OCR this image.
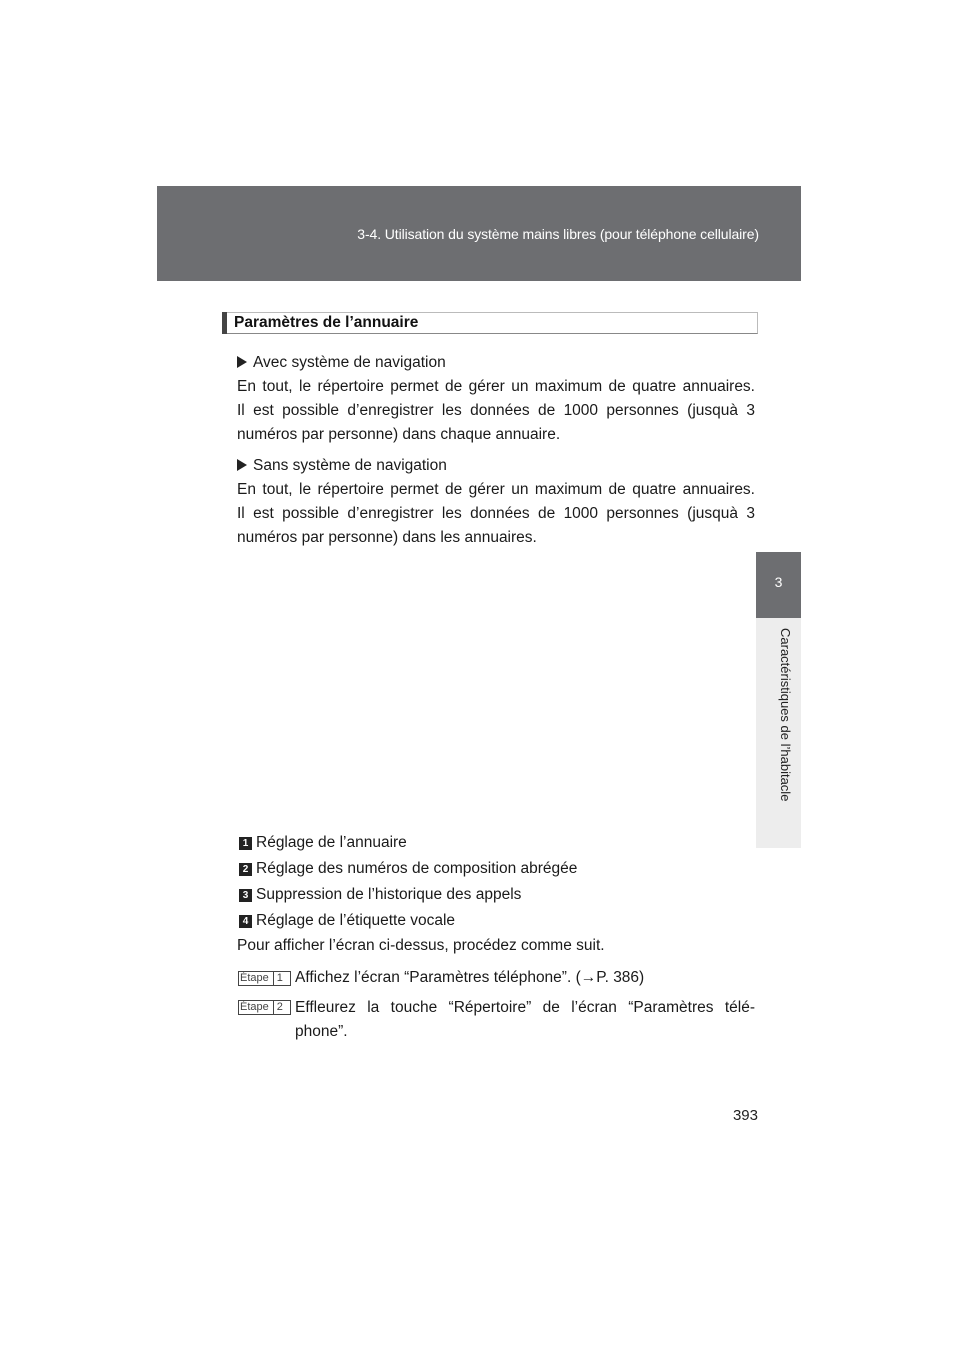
3-4. Utilisation du système mains libres (pour téléphone cellulaire)
3
Caractéristiques de l’habitacle
Paramètres de l’annuaire
Avec système de navigation
En tout, le répertoire permet de gérer un maximum de quatre annuaires.
Il est possible d’enregistrer les données de 1000 personnes (jusquà 3
numéros par personne) dans chaque annuaire.
Sans système de navigation
En tout, le répertoire permet de gérer un maximum de quatre annuaires.
Il est possible d’enregistrer les données de 1000 personnes (jusquà 3
numéros par personne) dans les annuaires.
1 Réglage de l’annuaire
2 Réglage des numéros de composition abrégée
3 Suppression de l’historique des appels
4 Réglage de l’étiquette vocale
Pour afficher l’écran ci-dessus, procédez comme suit.
Étape 1 Affichez l’écran “Paramètres téléphone”. (→P. 386)
Étape 2 Effleurez la touche “Répertoire” de l’écran “Paramètres télé-
phone”.
393
